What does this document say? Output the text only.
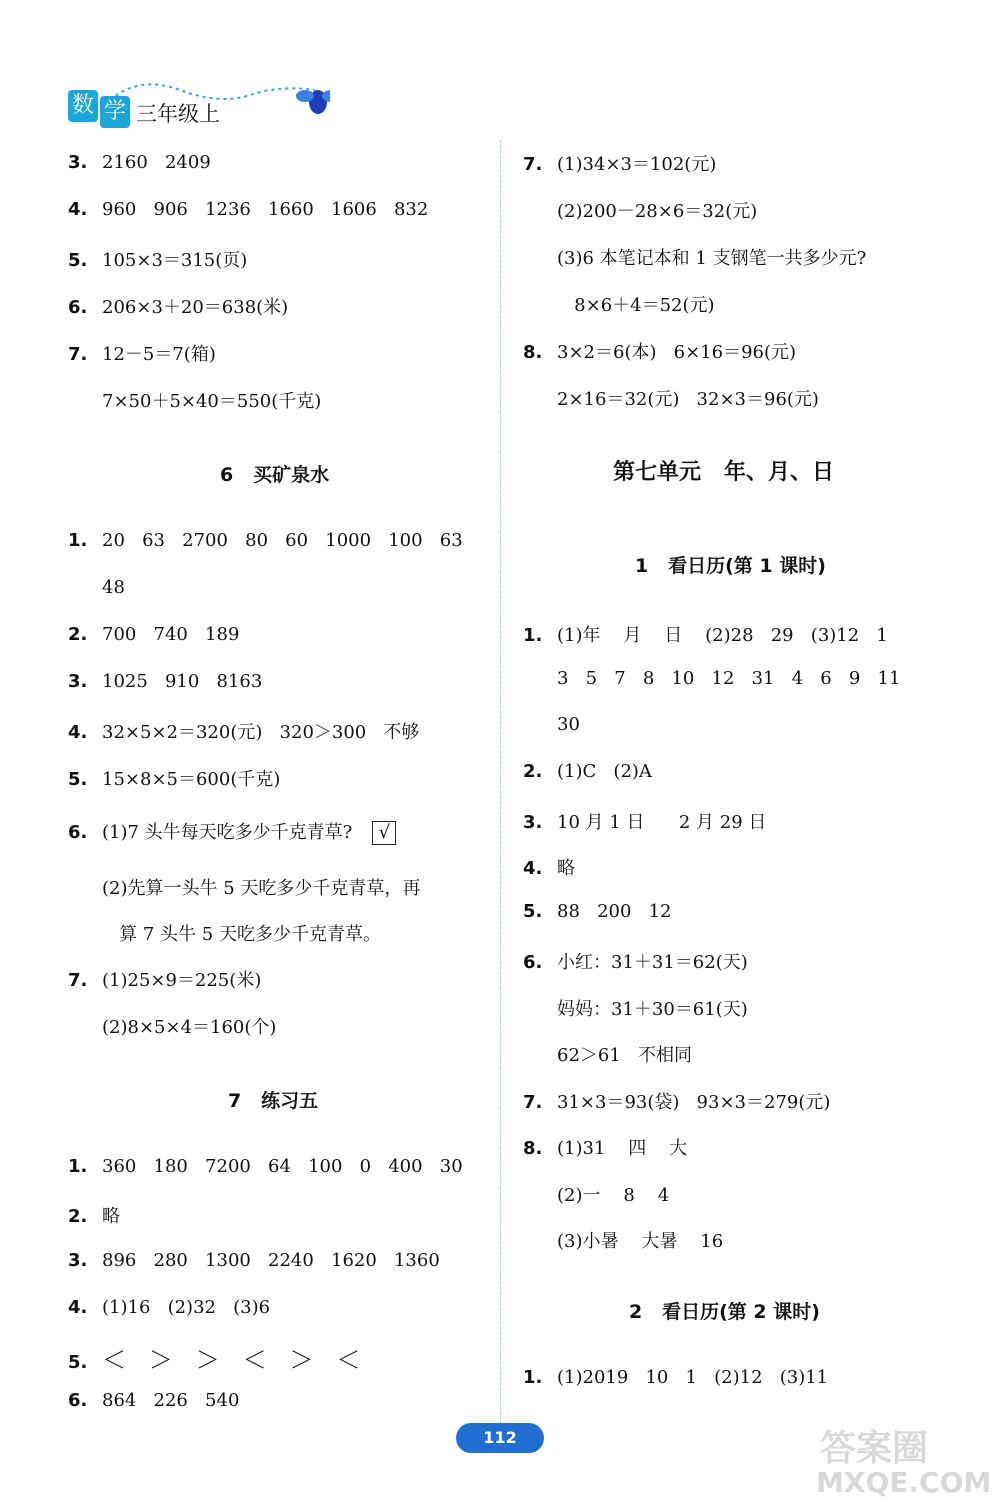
数 学 三年级上
3. 2160   2409
4. 960   906   1236   1660   1606   832
5. 105×3＝315(页)
6. 206×3＋20＝638(米)
7. 12－5＝7(箱)
7×50＋5×40＝550(千克)
6   买矿泉水
1. 20   63   2700   80   60   1000   100   63
48
2. 700   740   189
3. 1025   910   8163
4. 32×5×2＝320(元)   320＞300   不够
5. 15×8×5＝600(千克)
6. (1)7 头牛每天吃多少千克青草? √
(2)先算一头牛 5 天吃多少千克青草，再
算 7 头牛 5 天吃多少千克青草。
7. (1)25×9＝225(米)
(2)8×5×4＝160(个)
7   练习五
1. 360   180   7200   64   100   0   400   30
2. 略
3. 896   280   1300   2240   1620   1360
4. (1)16   (2)32   (3)6
5. ＜   ＞   ＞   ＜   ＞   ＜
6. 864   226   540
7. (1)34×3＝102(元)
(2)200－28×6＝32(元)
(3)6 本笔记本和 1 支钢笔一共多少元?
8×6＋4＝52(元)
8. 3×2＝6(本)   6×16＝96(元)
2×16＝32(元)   32×3＝96(元)
第七单元   年、月、日
1   看日历(第 1 课时)
1. (1)年    月    日    (2)28   29   (3)12   1
3   5   7   8   10   12   31   4   6   9   11
30
2. (1)C   (2)A
3. 10 月 1 日      2 月 29 日
4. 略
5. 88   200   12
6. 小红：31＋31＝62(天)
妈妈：31＋30＝61(天)
62＞61   不相同
7. 31×3＝93(袋)   93×3＝279(元)
8. (1)31    四    大
(2)一    8    4
(3)小暑    大暑    16
2   看日历(第 2 课时)
1. (1)2019   10   1   (2)12   (3)11
112	答案圈
MXQE.COM
